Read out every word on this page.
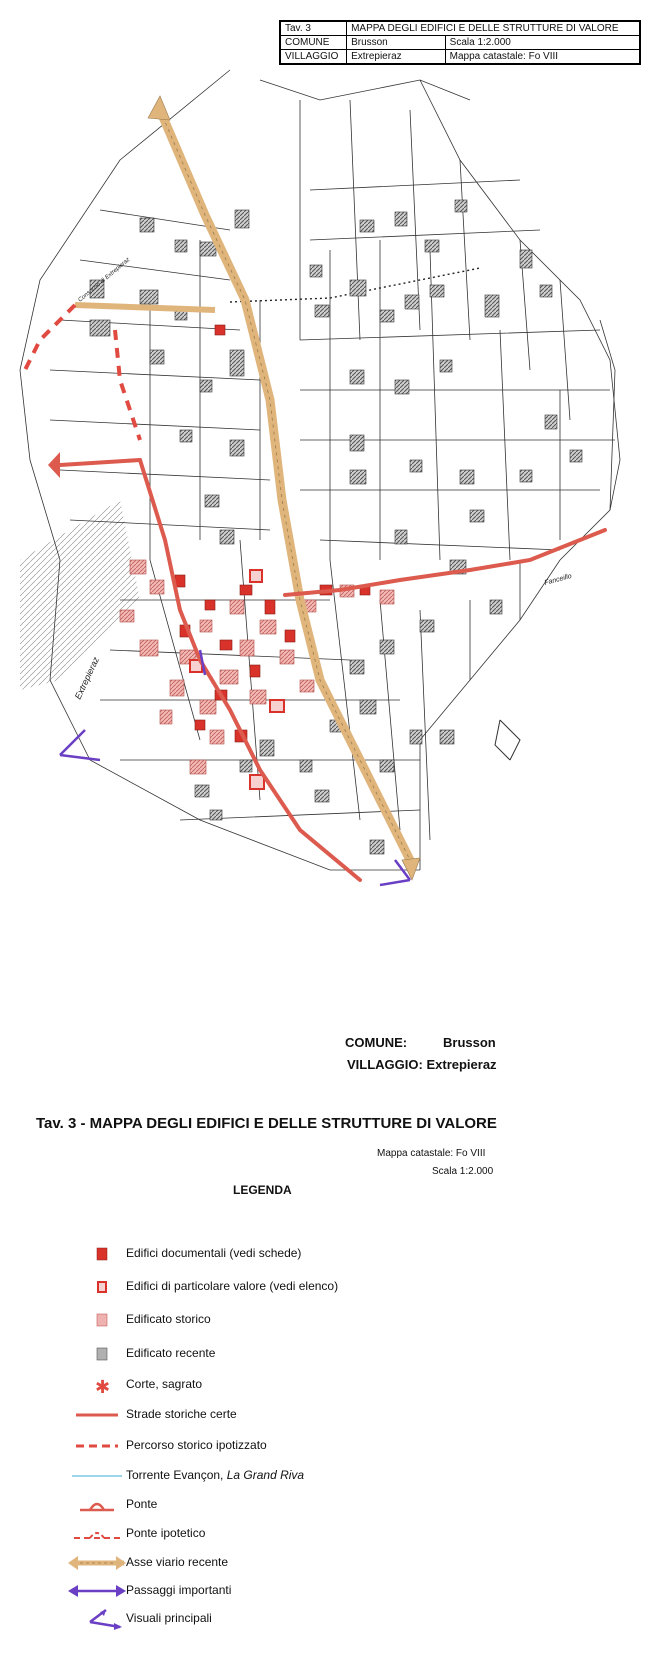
Tav. 3	MAPPA DEGLI EDIFICI E DELLE STRUTTURE DI VALORE	
COMUNE	Brusson	Scala 1:2.000
VILLAGGIO	Extrepieraz	Mappa catastale: Fo VIII
Extrepieraz
Fanceillo
Consorzio di Extrepieraz
COMUNE:	Brusson
VILLAGGIO: Extrepieraz
Tav. 3 - MAPPA DEGLI EDIFICI E DELLE STRUTTURE DI VALORE
Mappa catastale: Fo VIII
Scala 1:2.000
LEGENDA
Edifici documentali (vedi schede)
Edifici di particolare valore (vedi elenco)
Edificato storico
Edificato recente
✱ Corte, sagrato
Strade storiche certe
Percorso storico ipotizzato
Torrente Evançon, La Grand Riva
Ponte
Ponte ipotetico
Asse viario recente
Passaggi importanti
Visuali principali
